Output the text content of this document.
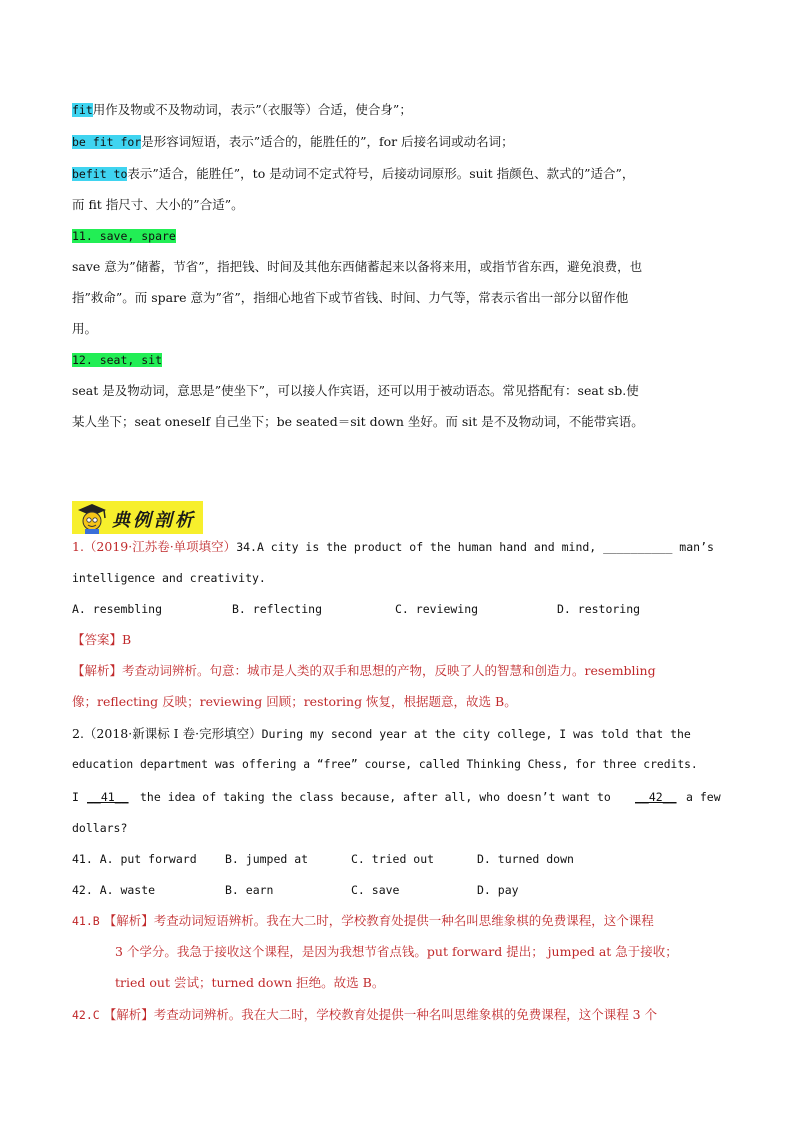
fit用作及物或不及物动词，表示”（衣服等）合适，使合身”；
be fit for是形容词短语，表示”适合的，能胜任的”，for 后接名词或动名词；
befit to表示”适合，能胜任”，to 是动词不定式符号，后接动词原形。suit 指颜色、款式的”适合”，
而 fit 指尺寸、大小的”合适”。
11. save, spare
save 意为”储蓄，节省”，指把钱、时间及其他东西储蓄起来以备将来用，或指节省东西，避免浪费，也
指”救命”。而 spare 意为”省”，指细心地省下或节省钱、时间、力气等，常表示省出一部分以留作他
用。
12. seat, sit
seat 是及物动词，意思是”使坐下”，可以接人作宾语，还可以用于被动语态。常见搭配有：seat sb.使
某人坐下；seat oneself 自己坐下；be seated＝sit down 坐好。而 sit 是不及物动词，不能带宾语。
典例剖析
1.（2019·江苏卷·单项填空）34.A city is the product of the human hand and mind, __________ man’s
intelligence and creativity.
A. resembling	B. reflecting	C. reviewing	D. restoring
【答案】B
【解析】考查动词辨析。句意：城市是人类的双手和思想的产物，反映了人的智慧和创造力。resembling
像；reflecting 反映；reviewing 回顾；restoring 恢复，根据题意，故选 B。
2.（2018·新课标 I 卷·完形填空）During my second year at the city college, I was told that the
education department was offering a “free” course, called Thinking Chess, for three credits.
I __41__ the idea of taking the class because, after all, who doesn’t want to __42__ a few
dollars?
41. A. put forward B. jumped at	C. tried out	D. turned down
42. A. waste	B. earn	C. save	D. pay
41.B 【解析】考查动词短语辨析。我在大二时，学校教育处提供一种名叫思维象棋的免费课程，这个课程
3 个学分。我急于接收这个课程，是因为我想节省点钱。put forward 提出； jumped at 急于接收；
tried out 尝试；turned down 拒绝。故选 B。
42.C 【解析】考查动词辨析。我在大二时，学校教育处提供一种名叫思维象棋的免费课程，这个课程 3 个
